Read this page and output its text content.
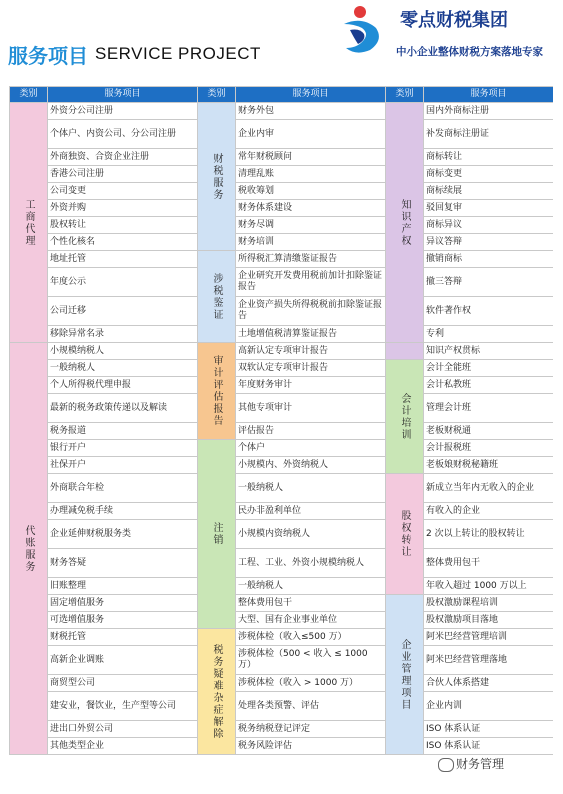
服务项目 SERVICE PROJECT
零点财税集团
中小企业整体财税方案落地专家
类别	服务项目	类别	服务项目	类别	服务项目
工商代理	外资分公司注册	财税服务	财务外包	知识产权	国内外商标注册
	个体户、内资公司、分公司注册		企业内审		补发商标注册证
	外商独资、合资企业注册		常年财税顾问		商标转让
	香港公司注册		清理乱账		商标变更
	公司变更		税收筹划		商标续展
	外资并购		财务体系建设		驳回复审
	股权转让		财务尽调		商标异议
	个性化核名		财务培训		异议答辩
	地址托管	涉税鉴证	所得税汇算清缴鉴证报告		撤销商标
	年度公示		企业研究开发费用税前加计扣除鉴证报告		撤三答辩
	公司迁移		企业资产损失所得税税前扣除鉴证报告		软件著作权
	移除异常名录		土地增值税清算鉴证报告		专利
代账服务	小规模纳税人	审计评估报告	高新认定专项审计报告		知识产权贯标
	一般纳税人		双软认定专项审计报告	会计培训	会计全能班
	个人所得税代理申报		年度财务审计		会计私教班
	最新的税务政策传递以及解读		其他专项审计		管理会计班
	税务报道		评估报告		老板财税通
	银行开户	注销	个体户		会计报税班
	社保开户		小规模内、外资纳税人		老板娘财税秘籍班
	外商联合年检		一般纳税人	股权转让	新成立当年内无收入的企业
	办理减免税手续		民办非盈利单位		有收入的企业
	企业延伸财税服务类		小规模内资纳税人		2 次以上转让的股权转让
	财务答疑		工程、工业、外资小规模纳税人		整体费用包干
	旧账整理		一般纳税人		年收入超过 1000 万以上
	固定增值服务		整体费用包干	企业管理项目	股权激励课程培训
	可选增值服务		大型、国有企业事业单位		股权激励项目落地
	财税托管	税务疑难杂症解除	涉税体检（收入≤500 万）		阿米巴经营管理培训
	高新企业调账		涉税体检（500 < 收入 ≤ 1000 万）		阿米巴经营管理落地
	商贸型公司		涉税体检（收入 > 1000 万）		合伙人体系搭建
	建安业，餐饮业，生产型等公司		处理各类预警、评估		企业内训
	进出口外贸公司		税务纳税登记评定		ISO 体系认证
	其他类型企业		税务风险评估		ISO 体系认证
财务管理
